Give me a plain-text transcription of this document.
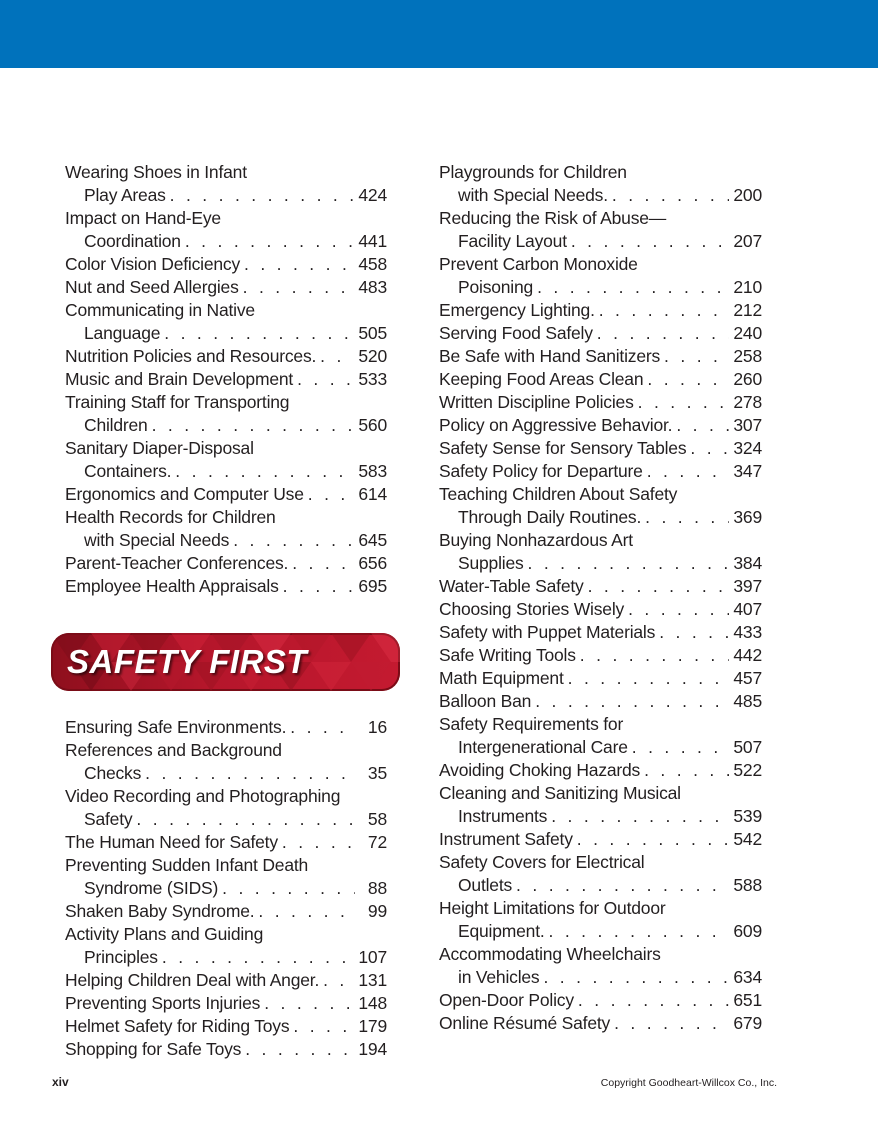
Wearing Shoes in Infant
Play Areas . . .	424
Impact on Hand-Eye
Coordination . . .	441
Color Vision Deficiency . . .	458
Nut and Seed Allergies . . .	483
Communicating in Native
Language . . .	505
Nutrition Policies and Resources. . . . 520
Music and Brain Development . . .	533
Training Staff for Transporting
Children . . .	560
Sanitary Diaper-Disposal
Containers. . . .	583
Ergonomics and Computer Use . . .	614
Health Records for Children
with Special Needs . . .	645
Parent-Teacher Conferences. . . .	656
Employee Health Appraisals . . .	695
SAFETY FIRST
Ensuring Safe Environments. . . .	16
References and Background
Checks . . .	35
Video Recording and Photographing
Safety . . .	58
The Human Need for Safety . . .	72
Preventing Sudden Infant Death
Syndrome (SIDS) . . .	88
Shaken Baby Syndrome. . . .	99
Activity Plans and Guiding
Principles . . .	107
Helping Children Deal with Anger. . . . 131
Preventing Sports Injuries . . .	148
Helmet Safety for Riding Toys . . .	179
Shopping for Safe Toys . . .	194
Playgrounds for Children
with Special Needs. . . .	200
Reducing the Risk of Abuse—
Facility Layout . . .	207
Prevent Carbon Monoxide
Poisoning . . .	210
Emergency Lighting. . . .	212
Serving Food Safely . . .	240
Be Safe with Hand Sanitizers . . .	258
Keeping Food Areas Clean . . .	260
Written Discipline Policies . . .	278
Policy on Aggressive Behavior. . . .	307
Safety Sense for Sensory Tables . . .	324
Safety Policy for Departure . . .	347
Teaching Children About Safety
Through Daily Routines. . . .	369
Buying Nonhazardous Art
Supplies . . .	384
Water-Table Safety . . .	397
Choosing Stories Wisely . . .	407
Safety with Puppet Materials . . .	433
Safe Writing Tools . . .	442
Math Equipment . . .	457
Balloon Ban . . .	485
Safety Requirements for
Intergenerational Care . . .	507
Avoiding Choking Hazards . . .	522
Cleaning and Sanitizing Musical
Instruments . . .	539
Instrument Safety . . .	542
Safety Covers for Electrical
Outlets . . .	588
Height Limitations for Outdoor
Equipment. . . .	609
Accommodating Wheelchairs
in Vehicles . . .	634
Open-Door Policy . . .	651
Online Résumé Safety . . .	679
xiv	Copyright Goodheart-Willcox Co., Inc.
